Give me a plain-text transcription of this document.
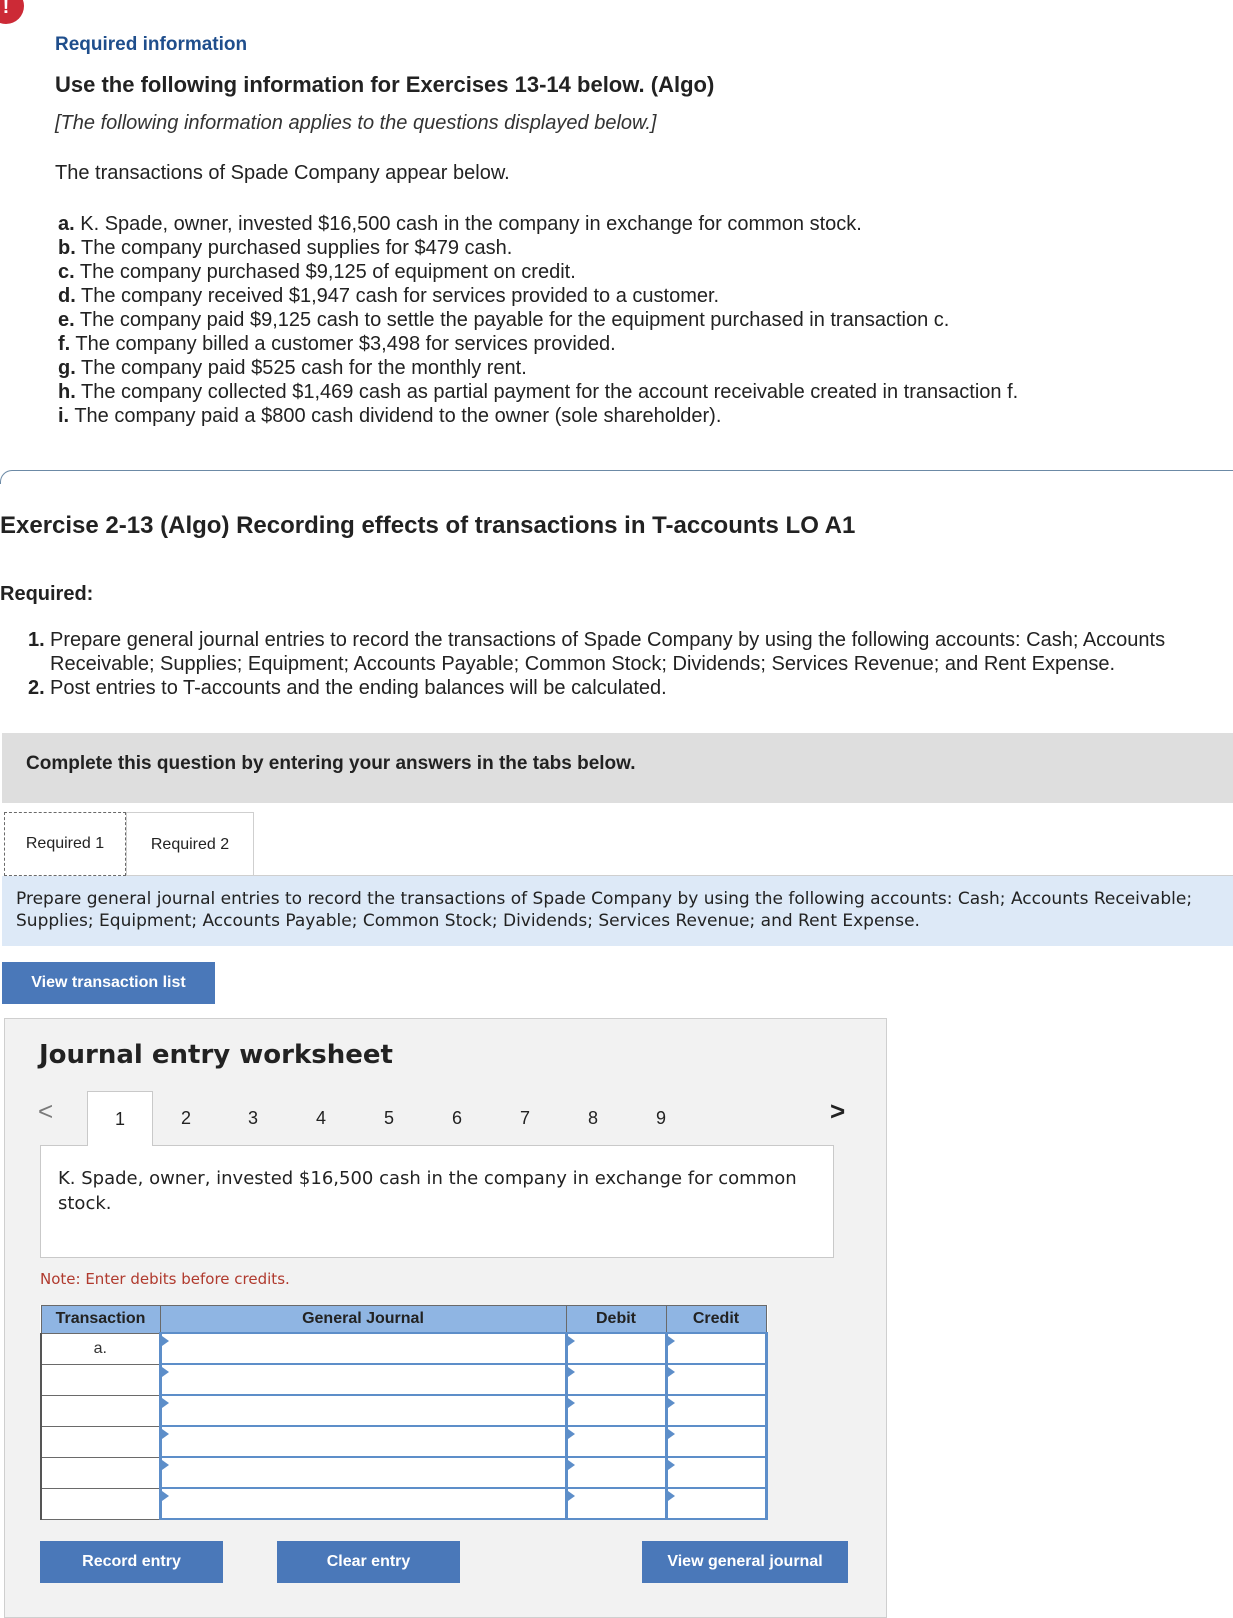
!
Required information
Use the following information for Exercises 13-14 below. (Algo)
[The following information applies to the questions displayed below.]
The transactions of Spade Company appear below.
a. K. Spade, owner, invested $16,500 cash in the company in exchange for common stock.
b. The company purchased supplies for $479 cash.
c. The company purchased $9,125 of equipment on credit.
d. The company received $1,947 cash for services provided to a customer.
e. The company paid $9,125 cash to settle the payable for the equipment purchased in transaction c.
f. The company billed a customer $3,498 for services provided.
g. The company paid $525 cash for the monthly rent.
h. The company collected $1,469 cash as partial payment for the account receivable created in transaction f.
i. The company paid a $800 cash dividend to the owner (sole shareholder).
Exercise 2-13 (Algo) Recording effects of transactions in T-accounts LO A1
Required:
1. Prepare general journal entries to record the transactions of Spade Company by using the following accounts: Cash; Accounts Receivable; Supplies; Equipment; Accounts Payable; Common Stock; Dividends; Services Revenue; and Rent Expense.
2. Post entries to T-accounts and the ending balances will be calculated.
Complete this question by entering your answers in the tabs below.
Required 1	Required 2
Prepare general journal entries to record the transactions of Spade Company by using the following accounts: Cash; Accounts Receivable; Supplies; Equipment; Accounts Payable; Common Stock; Dividends; Services Revenue; and Rent Expense.
View transaction list
Journal entry worksheet
<	1	2	3	4	5	6	7	8	9	>
K. Spade, owner, invested $16,500 cash in the company in exchange for common stock.
Note: Enter debits before credits.
Transaction	General Journal	Debit	Credit
a.	

Record entry	Clear entry	View general journal
